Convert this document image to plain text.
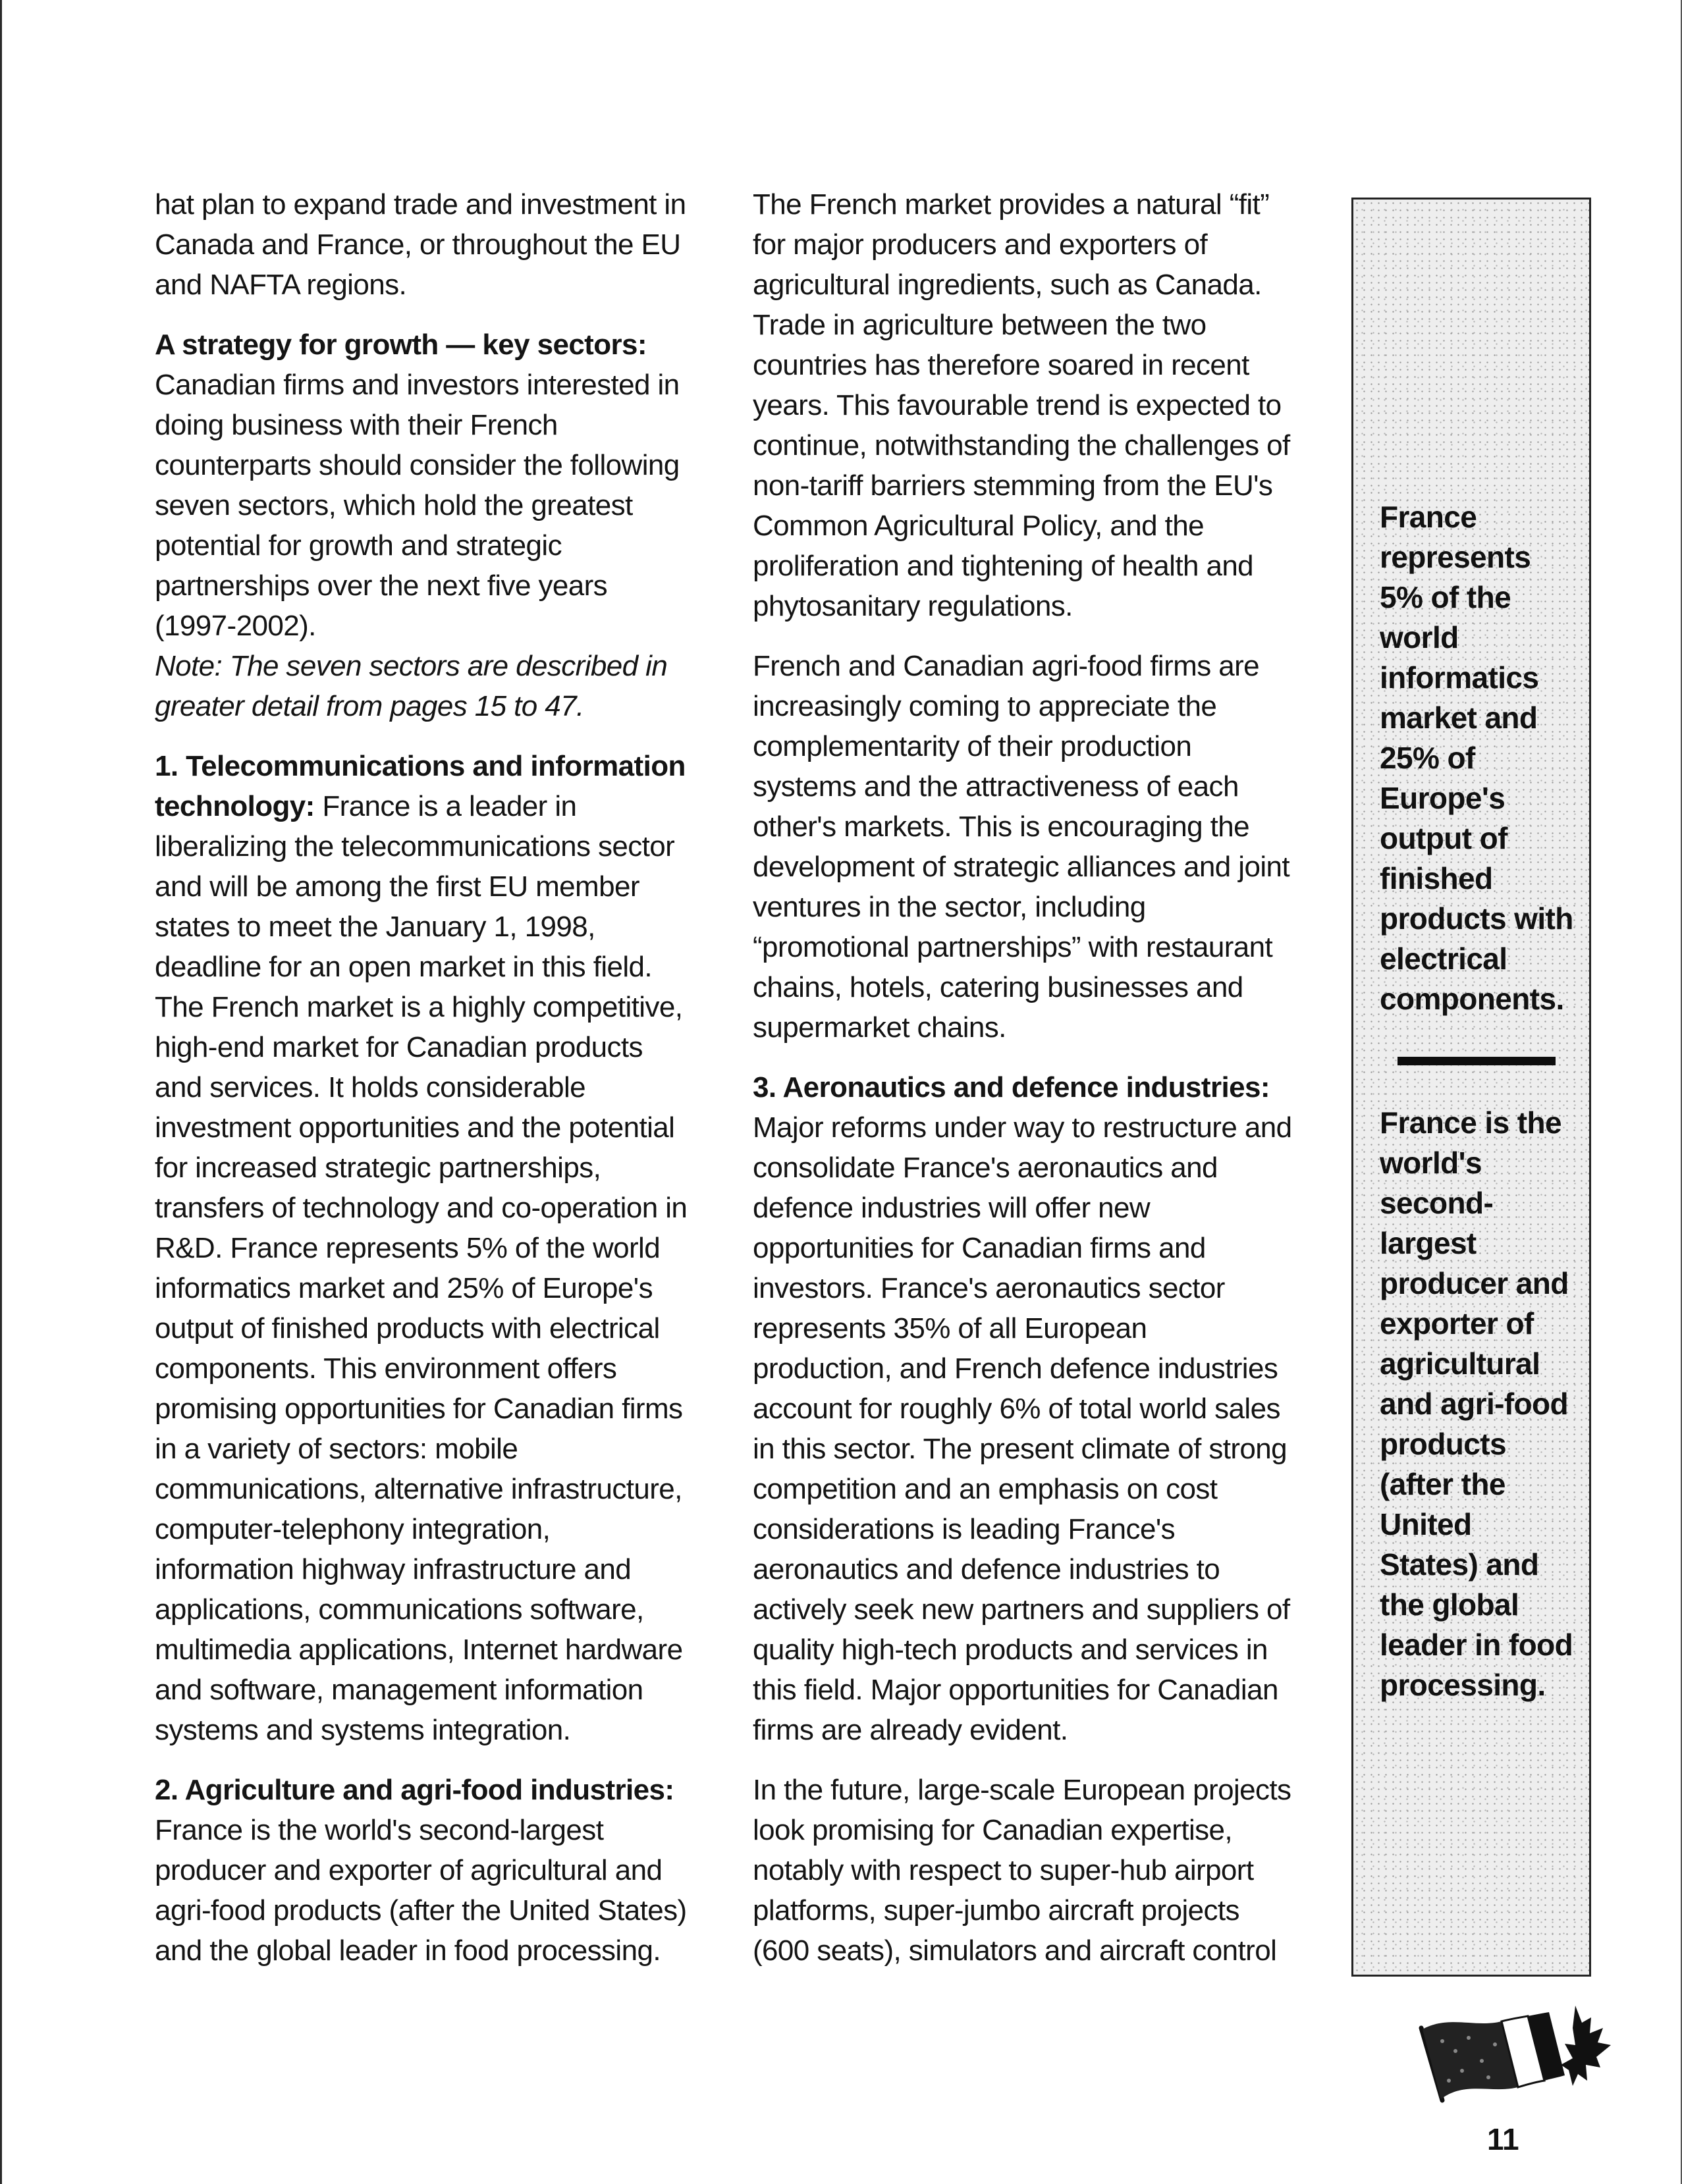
hat plan to expand trade and investment in Canada and France, or throughout the EU and NAFTA regions.

A strategy for growth — key sectors:
Canadian firms and investors interested in doing business with their French counterparts should consider the following seven sectors, which hold the greatest potential for growth and strategic partnerships over the next five years (1997-2002).

Note: The seven sectors are described in greater detail from pages 15 to 47.

1. Telecommunications and information technology: France is a leader in liberalizing the telecommunications sector and will be among the first EU member states to meet the January 1, 1998, deadline for an open market in this field. The French market is a highly competitive, high-end market for Canadian products and services. It holds considerable investment opportunities and the potential for increased strategic partnerships, transfers of technology and co-operation in R&D. France represents 5% of the world informatics market and 25% of Europe's output of finished products with electrical components. This environment offers promising opportunities for Canadian firms in a variety of sectors: mobile communications, alternative infrastructure, computer-telephony integration, information highway infrastructure and applications, communications software, multimedia applications, Internet hardware and software, management information systems and systems integration.

2. Agriculture and agri-food industries:
France is the world's second-largest producer and exporter of agricultural and agri-food products (after the United States) and the global leader in food processing.

The French market provides a natural “fit” for major producers and exporters of agricultural ingredients, such as Canada. Trade in agriculture between the two countries has therefore soared in recent years. This favourable trend is expected to continue, notwithstanding the challenges of non-tariff barriers stemming from the EU's Common Agricultural Policy, and the proliferation and tightening of health and phytosanitary regulations.

French and Canadian agri-food firms are increasingly coming to appreciate the complementarity of their production systems and the attractiveness of each other's markets. This is encouraging the development of strategic alliances and joint ventures in the sector, including “promotional partnerships” with restaurant chains, hotels, catering businesses and supermarket chains.

3. Aeronautics and defence industries:
Major reforms under way to restructure and consolidate France's aeronautics and defence industries will offer new opportunities for Canadian firms and investors. France's aeronautics sector represents 35% of all European production, and French defence industries account for roughly 6% of total world sales in this sector. The present climate of strong competition and an emphasis on cost considerations is leading France's aeronautics and defence industries to actively seek new partners and suppliers of quality high-tech products and services in this field. Major opportunities for Canadian firms are already evident.

In the future, large-scale European projects look promising for Canadian expertise, notably with respect to super-hub airport platforms, super-jumbo aircraft projects (600 seats), simulators and aircraft control

France represents 5% of the world informatics market and 25% of Europe's output of finished products with electrical components.
France is the world's second-largest producer and exporter of agricultural and agri-food products (after the United States) and the global leader in food processing.
11
